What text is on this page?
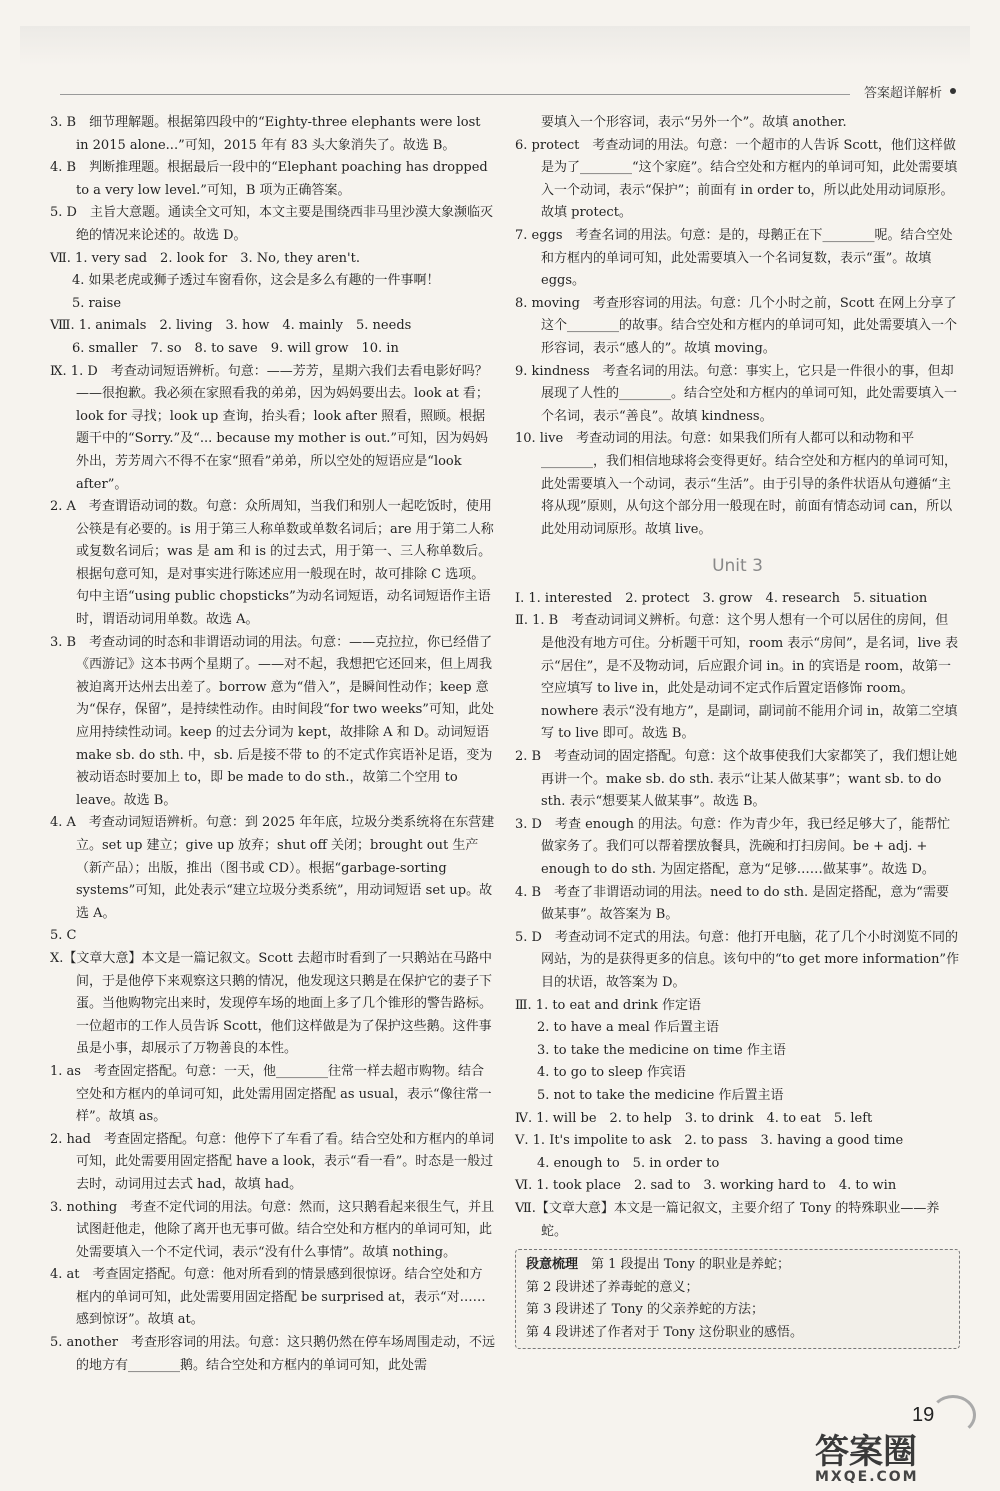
答案超详解析
3. B　细节理解题。根据第四段中的“Eighty-three elephants were lost in 2015 alone...”可知，2015 年有 83 头大象消失了。故选 B。
4. B　判断推理题。根据最后一段中的“Elephant poaching has dropped to a very low level.”可知，B 项为正确答案。
5. D　主旨大意题。通读全文可知，本文主要是围绕西非马里沙漠大象濒临灭绝的情况来论述的。故选 D。
Ⅶ. 1. very sad　2. look for　3. No, they aren't.
4. 如果老虎或狮子透过车窗看你，这会是多么有趣的一件事啊！
5. raise
Ⅷ. 1. animals　2. living　3. how　4. mainly　5. needs
6. smaller　7. so　8. to save　9. will grow　10. in
Ⅸ. 1. D　考查动词短语辨析。句意：——芳芳，星期六我们去看电影好吗？——很抱歉。我必须在家照看我的弟弟，因为妈妈要出去。look at 看；look for 寻找；look up 查询，抬头看；look after 照看，照顾。根据题干中的“Sorry.”及“... because my mother is out.”可知，因为妈妈外出，芳芳周六不得不在家“照看”弟弟，所以空处的短语应是“look after”。
2. A　考查谓语动词的数。句意：众所周知，当我们和别人一起吃饭时，使用公筷是有必要的。is 用于第三人称单数或单数名词后；are 用于第二人称或复数名词后；was 是 am 和 is 的过去式，用于第一、三人称单数后。根据句意可知，是对事实进行陈述应用一般现在时，故可排除 C 选项。句中主语“using public chopsticks”为动名词短语，动名词短语作主语时，谓语动词用单数。故选 A。
3. B　考查动词的时态和非谓语动词的用法。句意：——克拉拉，你已经借了《西游记》这本书两个星期了。——对不起，我想把它还回来，但上周我被迫离开达州去出差了。borrow 意为“借入”，是瞬间性动作；keep 意为“保存，保留”，是持续性动作。由时间段“for two weeks”可知，此处应用持续性动词。keep 的过去分词为 kept，故排除 A 和 D。动词短语 make sb. do sth. 中，sb. 后是接不带 to 的不定式作宾语补足语，变为被动语态时要加上 to，即 be made to do sth.，故第二个空用 to leave。故选 B。
4. A　考查动词短语辨析。句意：到 2025 年年底，垃圾分类系统将在东营建立。set up 建立；give up 放弃；shut off 关闭；brought out 生产（新产品）；出版，推出（图书或 CD）。根据“garbage-sorting systems”可知，此处表示“建立垃圾分类系统”，用动词短语 set up。故选 A。
5. C
Ⅹ.【文章大意】本文是一篇记叙文。Scott 去超市时看到了一只鹅站在马路中间，于是他停下来观察这只鹅的情况，他发现这只鹅是在保护它的妻子下蛋。当他购物完出来时，发现停车场的地面上多了几个锥形的警告路标。一位超市的工作人员告诉 Scott，他们这样做是为了保护这些鹅。这件事虽是小事，却展示了万物善良的本性。
1. as　考查固定搭配。句意：一天，他________往常一样去超市购物。结合空处和方框内的单词可知，此处需用固定搭配 as usual，表示“像往常一样”。故填 as。
2. had　考查固定搭配。句意：他停下了车看了看。结合空处和方框内的单词可知，此处需要用固定搭配 have a look，表示“看一看”。时态是一般过去时，动词用过去式 had，故填 had。
3. nothing　考查不定代词的用法。句意：然而，这只鹅看起来很生气，并且试图赶他走，他除了离开也无事可做。结合空处和方框内的单词可知，此处需要填入一个不定代词，表示“没有什么事情”。故填 nothing。
4. at　考查固定搭配。句意：他对所看到的情景感到很惊讶。结合空处和方框内的单词可知，此处需要用固定搭配 be surprised at，表示“对……感到惊讶”。故填 at。
5. another　考查形容词的用法。句意：这只鹅仍然在停车场周围走动，不远的地方有________鹅。结合空处和方框内的单词可知，此处需
要填入一个形容词，表示“另外一个”。故填 another.
6. protect　考查动词的用法。句意：一个超市的人告诉 Scott，他们这样做是为了________“这个家庭”。结合空处和方框内的单词可知，此处需要填入一个动词，表示“保护”；前面有 in order to，所以此处用动词原形。故填 protect。
7. eggs　考查名词的用法。句意：是的，母鹅正在下________呢。结合空处和方框内的单词可知，此处需要填入一个名词复数，表示“蛋”。故填 eggs。
8. moving　考查形容词的用法。句意：几个小时之前，Scott 在网上分享了这个________的故事。结合空处和方框内的单词可知，此处需要填入一个形容词，表示“感人的”。故填 moving。
9. kindness　考查名词的用法。句意：事实上，它只是一件很小的事，但却展现了人性的________。结合空处和方框内的单词可知，此处需要填入一个名词，表示“善良”。故填 kindness。
10. live　考查动词的用法。句意：如果我们所有人都可以和动物和平________，我们相信地球将会变得更好。结合空处和方框内的单词可知，此处需要填入一个动词，表示“生活”。由于引导的条件状语从句遵循“主将从现”原则，从句这个部分用一般现在时，前面有情态动词 can，所以此处用动词原形。故填 live。
Unit 3
Ⅰ. 1. interested　2. protect　3. grow　4. research　5. situation
Ⅱ. 1. B　考查动词词义辨析。句意：这个男人想有一个可以居住的房间，但是他没有地方可住。分析题干可知，room 表示“房间”，是名词，live 表示“居住”，是不及物动词，后应跟介词 in。in 的宾语是 room，故第一空应填写 to live in，此处是动词不定式作后置定语修饰 room。nowhere 表示“没有地方”，是副词，副词前不能用介词 in，故第二空填写 to live 即可。故选 B。
2. B　考查动词的固定搭配。句意：这个故事使我们大家都笑了，我们想让她再讲一个。make sb. do sth. 表示“让某人做某事”；want sb. to do sth. 表示“想要某人做某事”。故选 B。
3. D　考查 enough 的用法。句意：作为青少年，我已经足够大了，能帮忙做家务了。我们可以帮着摆放餐具，洗碗和打扫房间。be + adj. + enough to do sth. 为固定搭配，意为“足够……做某事”。故选 D。
4. B　考查了非谓语动词的用法。need to do sth. 是固定搭配，意为“需要做某事”。故答案为 B。
5. D　考查动词不定式的用法。句意：他打开电脑，花了几个小时浏览不同的网站，为的是获得更多的信息。该句中的“to get more information”作目的状语，故答案为 D。
Ⅲ. 1. to eat and drink 作定语
2. to have a meal 作后置主语
3. to take the medicine on time 作主语
4. to go to sleep 作宾语
5. not to take the medicine 作后置主语
Ⅳ. 1. will be　2. to help　3. to drink　4. to eat　5. left
Ⅴ. 1. It's impolite to ask　2. to pass　3. having a good time
4. enough to　5. in order to
Ⅵ. 1. took place　2. sad to　3. working hard to　4. to win
Ⅶ.【文章大意】本文是一篇记叙文，主要介绍了 Tony 的特殊职业——养蛇。
段意梳理　 第 1 段提出 Tony 的职业是养蛇；
第 2 段讲述了养毒蛇的意义；
第 3 段讲述了 Tony 的父亲养蛇的方法；
第 4 段讲述了作者对于 Tony 这份职业的感悟。
19
答案圈
MXQE.COM
